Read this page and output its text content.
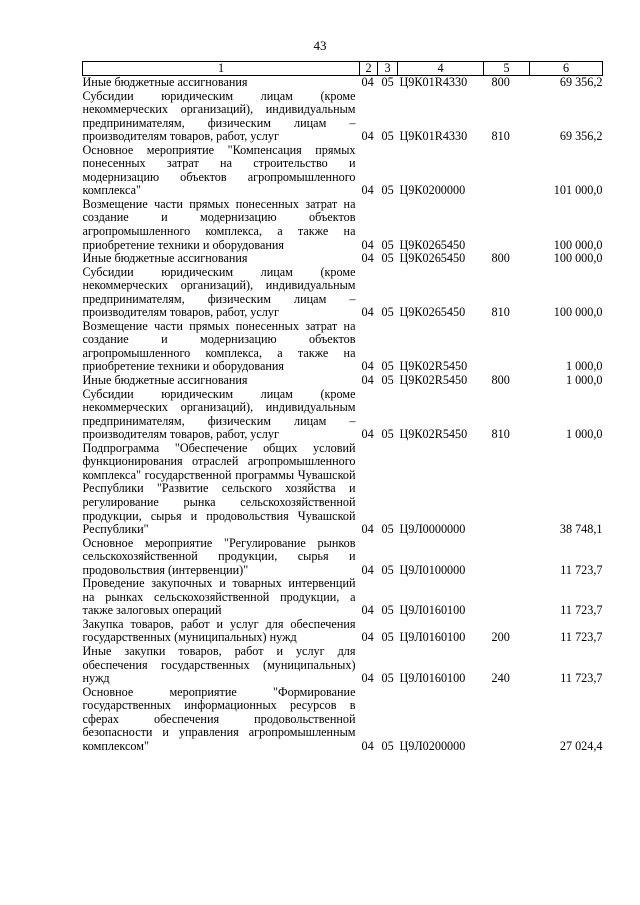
43
1	2	3	4	5	6
Иные бюджетные ассигнования	04	05	Ц9К01R4330	800	69 356,2
Субсидии юридическим лицам (кроме некоммерческих организаций), индивидуальным предпринимателям, физическим лицам – производителям товаров, работ, услуг	04	05	Ц9К01R4330	810	69 356,2
Основное мероприятие "Компенсация прямых понесенных затрат на строительство и модернизацию объектов агропромышленного комплекса"	04	05	Ц9К0200000		101 000,0
Возмещение части прямых понесенных затрат на создание и модернизацию объектов агропромышленного комплекса, а также на приобретение техники и оборудования	04	05	Ц9К0265450		100 000,0
Иные бюджетные ассигнования	04	05	Ц9К0265450	800	100 000,0
Субсидии юридическим лицам (кроме некоммерческих организаций), индивидуальным предпринимателям, физическим лицам – производителям товаров, работ, услуг	04	05	Ц9К0265450	810	100 000,0
Возмещение части прямых понесенных затрат на создание и модернизацию объектов агропромышленного комплекса, а также на приобретение техники и оборудования	04	05	Ц9К02R5450		1 000,0
Иные бюджетные ассигнования	04	05	Ц9К02R5450	800	1 000,0
Субсидии юридическим лицам (кроме некоммерческих организаций), индивидуальным предпринимателям, физическим лицам – производителям товаров, работ, услуг	04	05	Ц9К02R5450	810	1 000,0
Подпрограмма "Обеспечение общих условий функционирования отраслей агропромышленного комплекса" государственной программы Чувашской Республики "Развитие сельского хозяйства и регулирование рынка сельскохозяйственной продукции, сырья и продовольствия Чувашской Республики"	04	05	Ц9Л0000000		38 748,1
Основное мероприятие "Регулирование рынков сельскохозяйственной продукции, сырья и продовольствия (интервенции)"	04	05	Ц9Л0100000		11 723,7
Проведение закупочных и товарных интервенций на рынках сельскохозяйственной продукции, а также залоговых операций	04	05	Ц9Л0160100		11 723,7
Закупка товаров, работ и услуг для обеспечения государственных (муниципальных) нужд	04	05	Ц9Л0160100	200	11 723,7
Иные закупки товаров, работ и услуг для обеспечения государственных (муниципальных) нужд	04	05	Ц9Л0160100	240	11 723,7
Основное мероприятие "Формирование государственных информационных ресурсов в сферах обеспечения продовольственной безопасности и управления агропромышленным комплексом"	04	05	Ц9Л0200000		27 024,4
